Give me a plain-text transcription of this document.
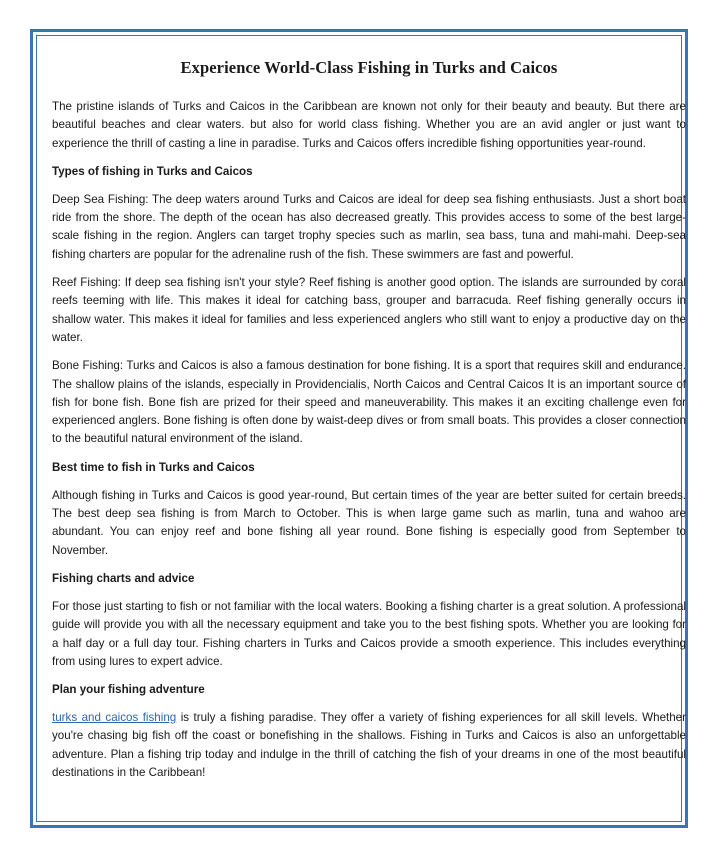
Experience World-Class Fishing in Turks and Caicos

The pristine islands of Turks and Caicos in the Caribbean are known not only for their beauty and beauty. But there are beautiful beaches and clear waters. but also for world class fishing. Whether you are an avid angler or just want to experience the thrill of casting a line in paradise. Turks and Caicos offers incredible fishing opportunities year-round.

Types of fishing in Turks and Caicos

Deep Sea Fishing: The deep waters around Turks and Caicos are ideal for deep sea fishing enthusiasts. Just a short boat ride from the shore. The depth of the ocean has also decreased greatly. This provides access to some of the best large-scale fishing in the region. Anglers can target trophy species such as marlin, sea bass, tuna and mahi-mahi. Deep-sea fishing charters are popular for the adrenaline rush of the fish. These swimmers are fast and powerful.

Reef Fishing: If deep sea fishing isn't your style? Reef fishing is another good option. The islands are surrounded by coral reefs teeming with life. This makes it ideal for catching bass, grouper and barracuda. Reef fishing generally occurs in shallow water. This makes it ideal for families and less experienced anglers who still want to enjoy a productive day on the water.

Bone Fishing: Turks and Caicos is also a famous destination for bone fishing. It is a sport that requires skill and endurance. The shallow plains of the islands, especially in Providencialis, North Caicos and Central Caicos It is an important source of fish for bone fish. Bone fish are prized for their speed and maneuverability. This makes it an exciting challenge even for experienced anglers. Bone fishing is often done by waist-deep dives or from small boats. This provides a closer connection to the beautiful natural environment of the island.

Best time to fish in Turks and Caicos

Although fishing in Turks and Caicos is good year-round, But certain times of the year are better suited for certain breeds. The best deep sea fishing is from March to October. This is when large game such as marlin, tuna and wahoo are abundant. You can enjoy reef and bone fishing all year round. Bone fishing is especially good from September to November.

Fishing charts and advice

For those just starting to fish or not familiar with the local waters. Booking a fishing charter is a great solution. A professional guide will provide you with all the necessary equipment and take you to the best fishing spots. Whether you are looking for a half day or a full day tour. Fishing charters in Turks and Caicos provide a smooth experience. This includes everything from using lures to expert advice.

Plan your fishing adventure

turks and caicos fishing is truly a fishing paradise. They offer a variety of fishing experiences for all skill levels. Whether you're chasing big fish off the coast or bonefishing in the shallows. Fishing in Turks and Caicos is also an unforgettable adventure. Plan a fishing trip today and indulge in the thrill of catching the fish of your dreams in one of the most beautiful destinations in the Caribbean!
